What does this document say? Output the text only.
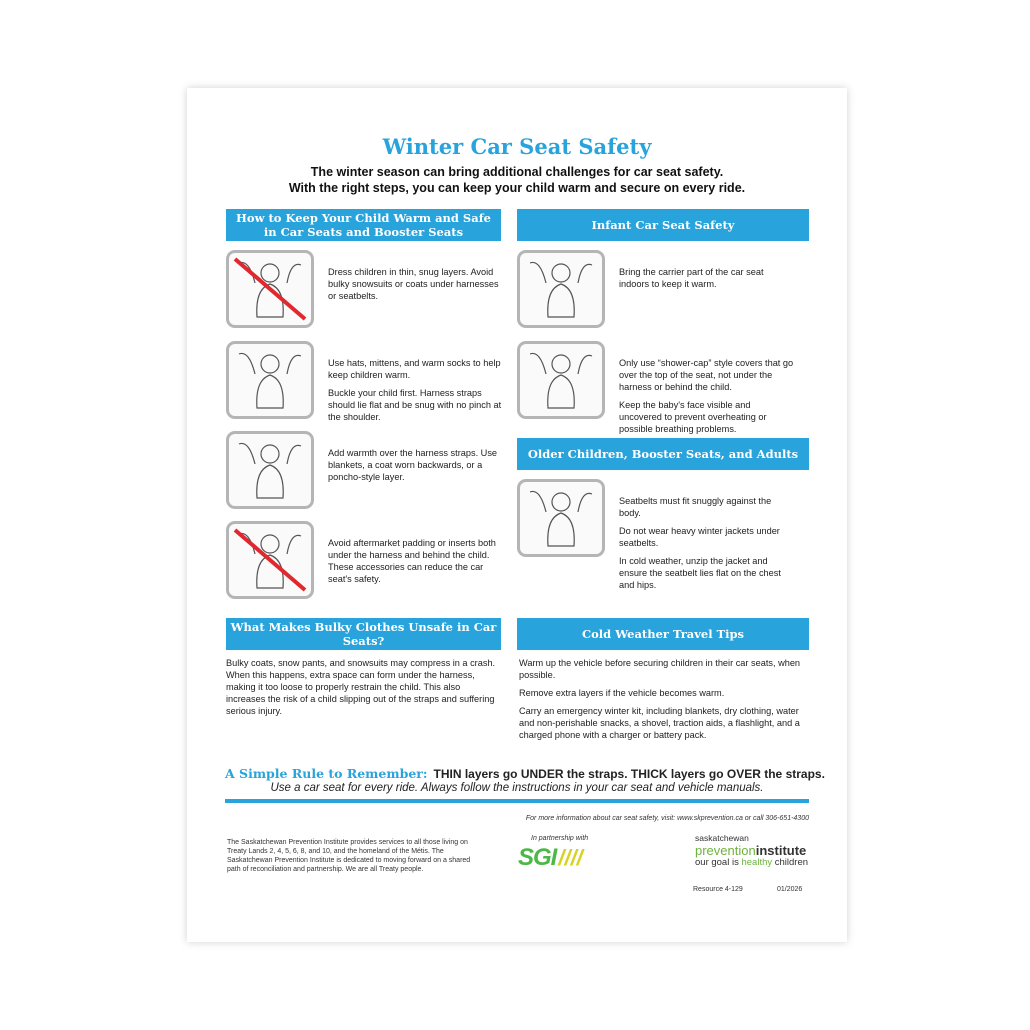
Winter Car Seat Safety
The winter season can bring additional challenges for car seat safety.
With the right steps, you can keep your child warm and secure on every ride.
How to Keep Your Child Warm and Safe in Car Seats and Booster Seats	Infant Car Seat Safety

Dress children in thin, snug layers. Avoid bulky snowsuits or coats under harnesses or seatbelts.

Use hats, mittens, and warm socks to help keep children warm.

Buckle your child first. Harness straps should lie flat and be snug with no pinch at the shoulder.

Add warmth over the harness straps. Use blankets, a coat worn backwards, or a poncho-style layer.

Avoid aftermarket padding or inserts both under the harness and behind the child. These accessories can reduce the car seat's safety.

Bring the carrier part of the car seat indoors to keep it warm.

Only use “shower-cap” style covers that go over the top of the seat, not under the harness or behind the child.

Keep the baby's face visible and uncovered to prevent overheating or possible breathing problems.

Older Children, Booster Seats, and Adults

Seatbelts must fit snuggly against the body.

Do not wear heavy winter jackets under seatbelts.

In cold weather, unzip the jacket and ensure the seatbelt lies flat on the chest and hips.

What Makes Bulky Clothes Unsafe in Car Seats?
Bulky coats, snow pants, and snowsuits may compress in a crash. When this happens, extra space can form under the harness, making it too loose to properly restrain the child. This also increases the risk of a child slipping out of the straps and suffering serious injury.
Cold Weather Travel Tips

Warm up the vehicle before securing children in their car seats, when possible.

Remove extra layers if the vehicle becomes warm.

Carry an emergency winter kit, including blankets, dry clothing, water and non-perishable snacks, a shovel, traction aids, a flashlight, and a charged phone with a charger or battery pack.

A Simple Rule to Remember: THIN layers go UNDER the straps. THICK layers go OVER the straps.
Use a car seat for every ride. Always follow the instructions in your car seat and vehicle manuals.
For more information about car seat safety, visit: www.skprevention.ca or call 306-651-4300
The Saskatchewan Prevention Institute provides services to all those living on Treaty Lands 2, 4, 5, 6, 8, and 10, and the homeland of the Métis. The Saskatchewan Prevention Institute is dedicated to moving forward on a shared path of reconciliation and partnership. We are all Treaty people.
In partnership with
SGI ////
saskatchewan
preventioninstitute
our goal is healthy children
Resource 4-129	01/2026
